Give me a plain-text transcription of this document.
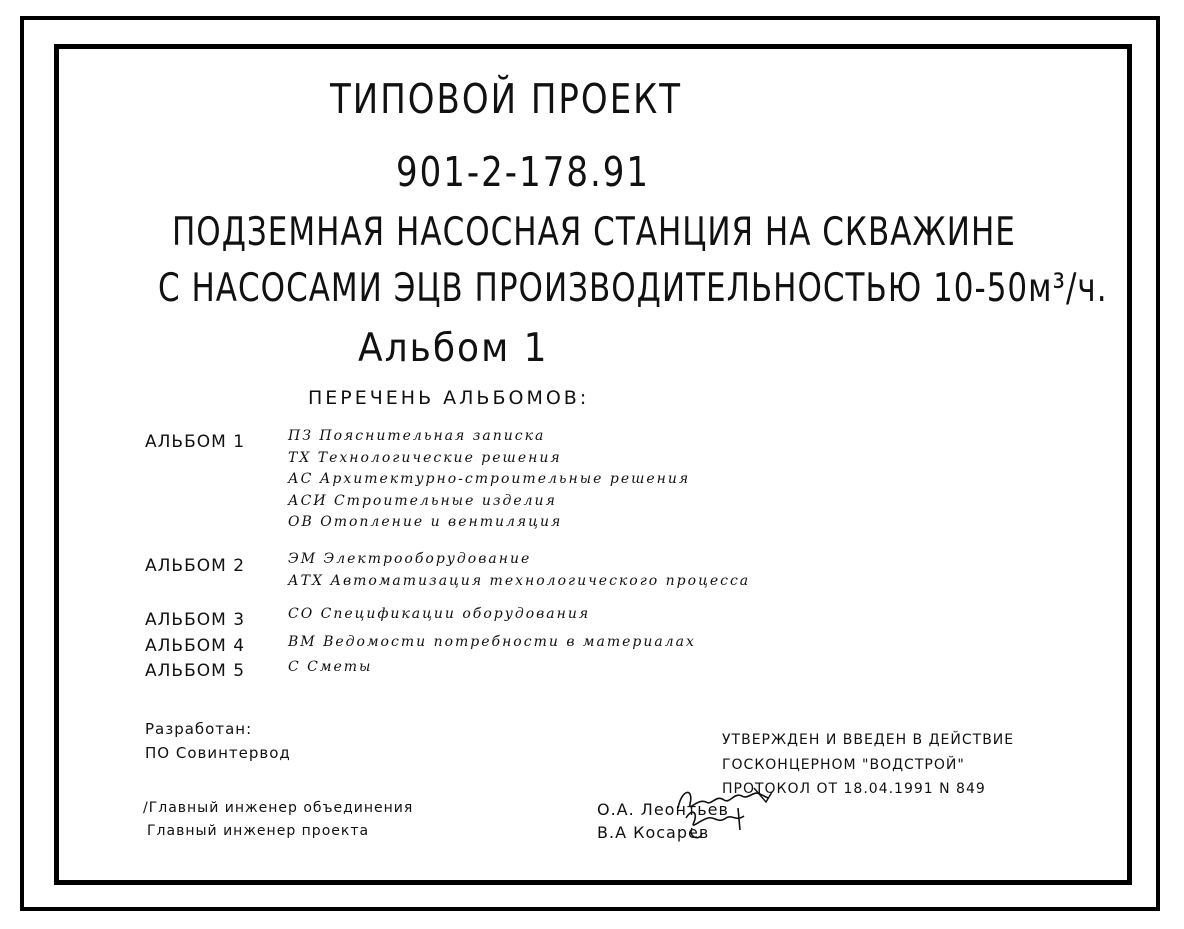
ТИПОВОЙ ПРОЕКТ
901-2-178.91
ПОДЗЕМНАЯ НАСОСНАЯ СТАНЦИЯ НА СКВАЖИНЕ
С НАСОСАМИ ЭЦВ ПРОИЗВОДИТЕЛЬНОСТЬЮ 10-50м³/ч.
Альбом 1
ПЕРЕЧЕНЬ АЛЬБОМОВ:
АЛЬБОМ 1	ПЗ Пояснительная записка
ТХ Технологические решения
АС Архитектурно-строительные решения
АСИ Строительные изделия
ОВ Отопление и вентиляция
АЛЬБОМ 2	ЭМ Электрооборудование
АТХ Автоматизация технологического процесса
АЛЬБОМ 3	СО Спецификации оборудования
АЛЬБОМ 4	ВМ Ведомости потребности в материалах
АЛЬБОМ 5	С Сметы
Разработан:
ПО Совинтервод
УТВЕРЖДЕН И ВВЕДЕН В ДЕЙСТВИЕ
ГОСКОНЦЕРНОМ "ВОДСТРОЙ"
ПРОТОКОЛ ОТ 18.04.1991 N 849
/Главный инженер объединения	О.А. Леонтьев
Главный инженер проекта	В.А Косарев
